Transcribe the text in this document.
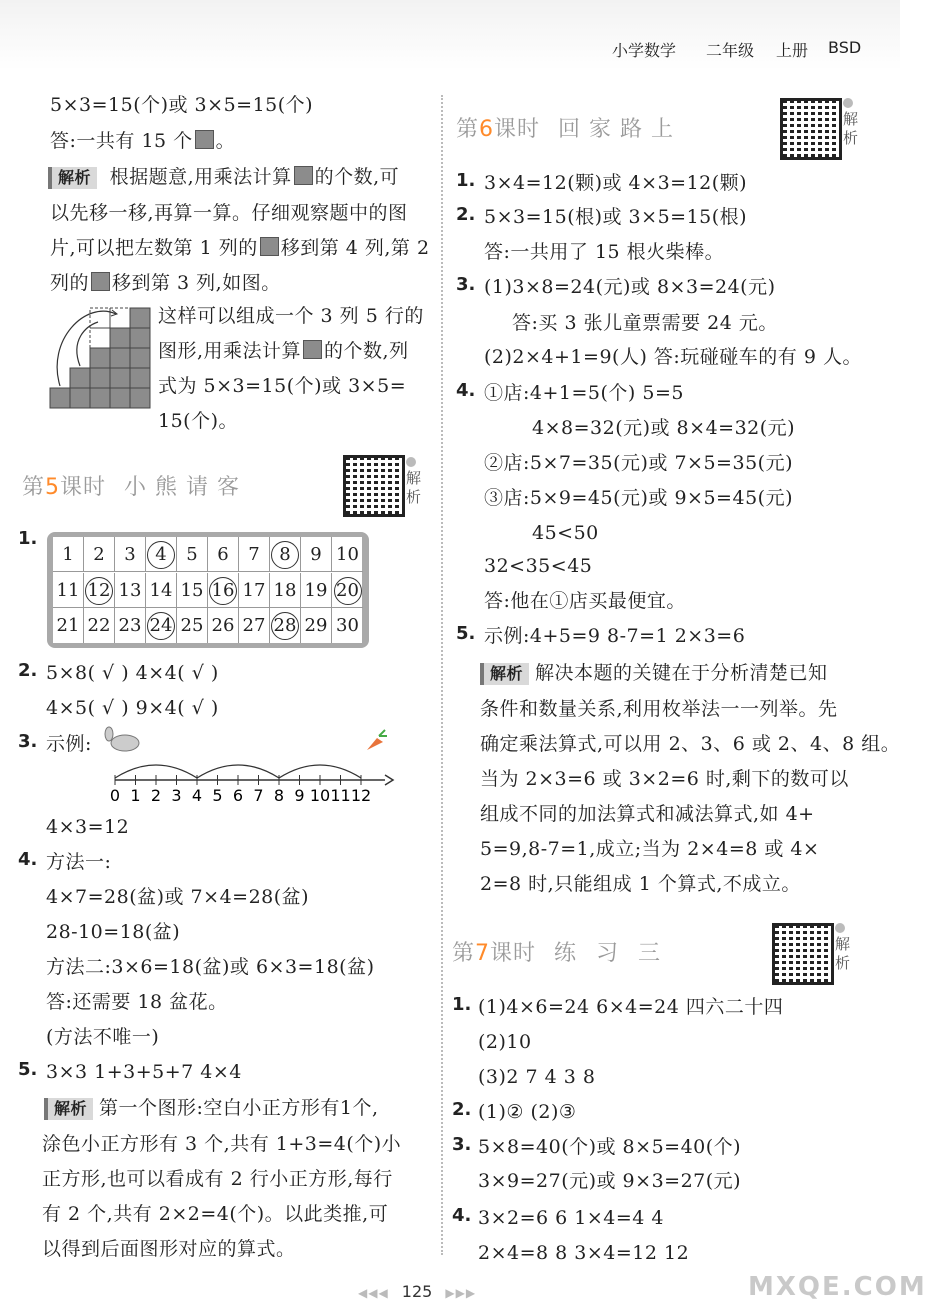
小学数学 二年级 上册 BSD
5×3=15(个)或 3×5=15(个)
答:一共有 15 个 。
解析 根据题意,用乘法计算 的个数,可
以先移一移,再算一算。仔细观察题中的图
片,可以把左数第 1 列的 移到第 4 列,第 2
列的 移到第 3 列,如图。
这样可以组成一个 3 列 5 行的
图形,用乘法计算 的个数,列
式为 5×3=15(个)或 3×5=
15(个)。
第5课时 小熊请客	解析
1.
1	2	3	4	5	6	7	8	9 10
11 12 13 14 15 16 17 18 19 20
21 22 23 24 25 26 27 28 29 30
2. 5×8( √ ) 4×4( √ )
4×5( √ ) 9×4( √ )
3. 示例:
0 1 2 3 4 5 6 7 8 9 10 11 12
4×3=12
4. 方法一:
4×7=28(盆)或 7×4=28(盆)
28-10=18(盆)
方法二:3×6=18(盆)或 6×3=18(盆)
答:还需要 18 盆花。
(方法不唯一)
5. 3×3 1+3+5+7 4×4
解析 第一个图形:空白小正方形有1个,
涂色小正方形有 3 个,共有 1+3=4(个)小
正方形,也可以看成有 2 行小正方形,每行
有 2 个,共有 2×2=4(个)。以此类推,可
以得到后面图形对应的算式。
第6课时 回家路上	解析
1. 3×4=12(颗)或 4×3=12(颗)
2. 5×3=15(根)或 3×5=15(根)
答:一共用了 15 根火柴棒。
3. (1)3×8=24(元)或 8×3=24(元)
答:买 3 张儿童票需要 24 元。
(2)2×4+1=9(人) 答:玩碰碰车的有 9 人。
4. ①店:4+1=5(个) 5=5
4×8=32(元)或 8×4=32(元)
②店:5×7=35(元)或 7×5=35(元)
③店:5×9=45(元)或 9×5=45(元)
45<50
32<35<45
答:他在①店买最便宜。
5. 示例:4+5=9 8-7=1 2×3=6
解析 解决本题的关键在于分析清楚已知
条件和数量关系,利用枚举法一一列举。先
确定乘法算式,可以用 2、3、6 或 2、4、8 组。
当为 2×3=6 或 3×2=6 时,剩下的数可以
组成不同的加法算式和减法算式,如 4+
5=9,8-7=1,成立;当为 2×4=8 或 4×
2=8 时,只能组成 1 个算式,不成立。
第7课时 练习三	解析
1. (1)4×6=24 6×4=24 四六二十四
(2)10
(3)2 7 4 3 8
2. (1)② (2)③
3. 5×8=40(个)或 8×5=40(个)
3×9=27(元)或 9×3=27(元)
4. 3×2=6 6 1×4=4 4
2×4=8 8 3×4=12 12
MXQE.COM
◀◀◀ 125 ▶▶▶
